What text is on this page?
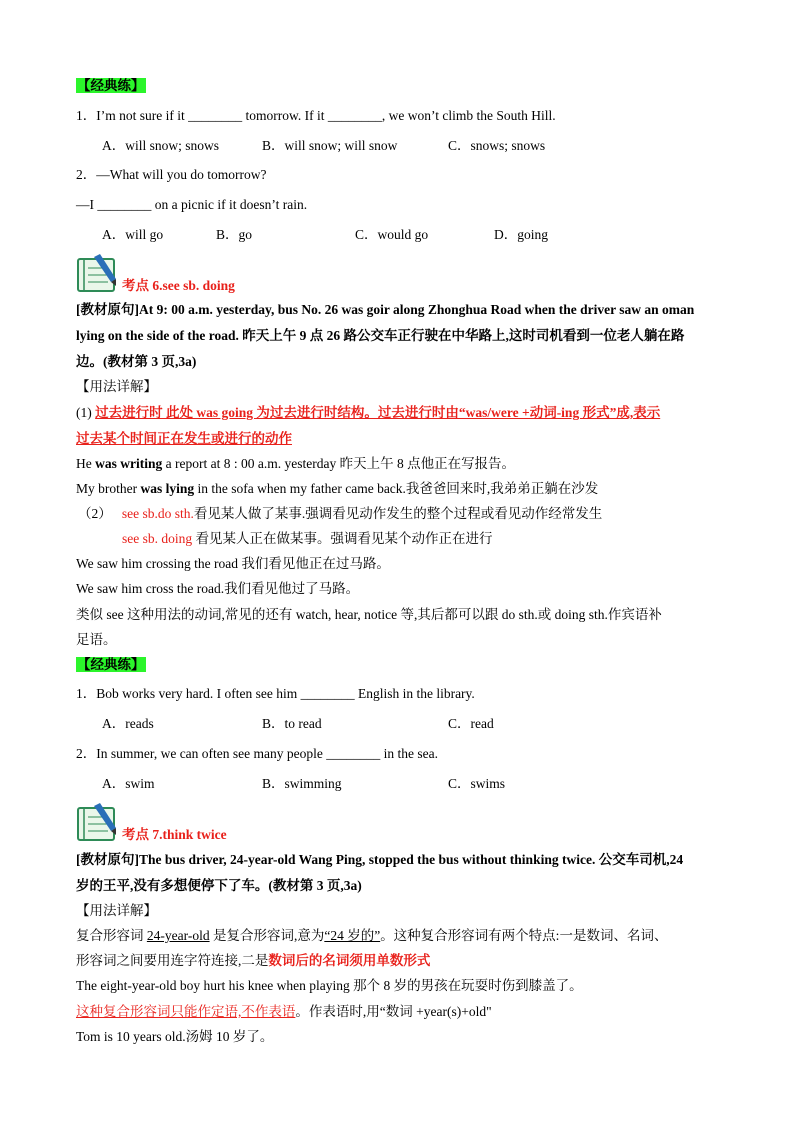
【经典练】
1．I’m not sure if it ________ tomorrow. If it ________, we won’t climb the South Hill.
A．will snow; snows	B．will snow; will snow	C．snows; snows
2．—What will you do tomorrow?
—I ________ on a picnic if it doesn’t rain.
A．will go	B．go	C．would go	D．going
考点 6.see sb. doing
[教材原句]At 9: 00 a.m. yesterday, bus No. 26 was goir along Zhonghua Road when the driver saw an oman
lying on the side of the road. 昨天上午 9 点 26 路公交车正行驶在中华路上,这时司机看到一位老人躺在路
边。(教材第 3 页,3a)
【用法详解】
(1) 过去进行时 此处 was going 为过去进行时结构。过去进行时由“was/were +动词-ing 形式”成,表示
过去某个时间正在发生或进行的动作
He was writing a report at 8 : 00 a.m. yesterday 昨天上午 8 点他正在写报告。
My brother was lying in the sofa when my father came back.我爸爸回来时,我弟弟正躺在沙发
（2） see sb.do sth.看见某人做了某事.强调看见动作发生的整个过程或看见动作经常发生
see sb. doing 看见某人正在做某事。强调看见某个动作正在进行
We saw him crossing the road 我们看见他正在过马路。
We saw him cross the road.我们看见他过了马路。
类似 see 这种用法的动词,常见的还有 watch, hear, notice 等,其后都可以跟 do sth.或 doing sth.作宾语补
足语。
【经典练】
1．Bob works very hard. I often see him ________ English in the library.
A．reads	B．to read	C．read
2．In summer, we can often see many people ________ in the sea.
A．swim	B．swimming	C．swims
考点 7.think twice
[教材原句]The bus driver, 24-year-old Wang Ping, stopped the bus without thinking twice. 公交车司机,24
岁的王平,没有多想便停下了车。(教材第 3 页,3a)
【用法详解】
复合形容词 24-year-old 是复合形容词,意为“24 岁的”。这种复合形容词有两个特点:一是数词、名词、
形容词之间要用连字符连接,二是数词后的名词须用单数形式
The eight-year-old boy hurt his knee when playing 那个 8 岁的男孩在玩耍时伤到膝盖了。
这种复合形容词只能作定语,不作表语。作表语时,用“数词 +year(s)+old"
Tom is 10 years old.汤姆 10 岁了。
